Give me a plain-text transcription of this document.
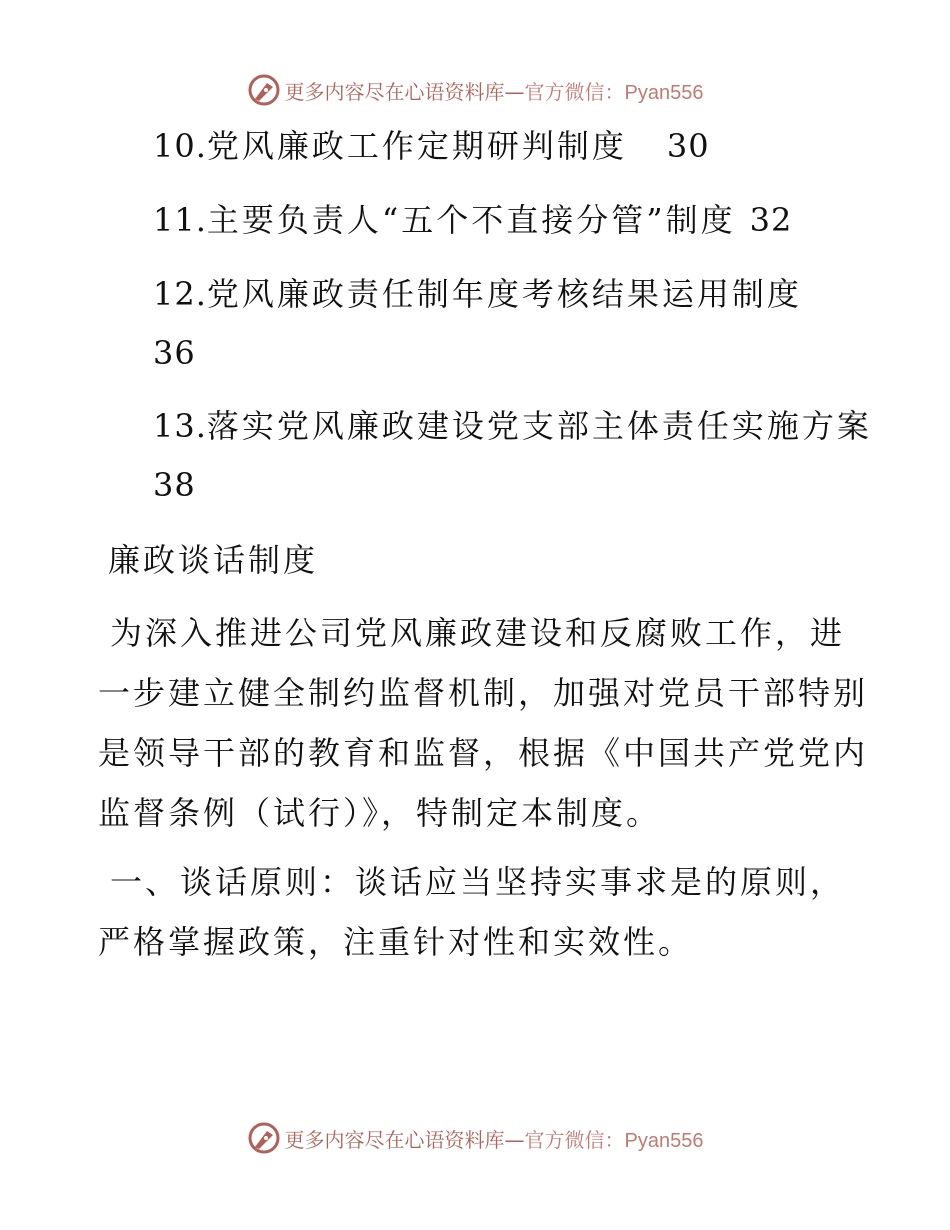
更多内容尽在心语资料库—官方微信：Pyan556
10.党风廉政工作定期研判制度 30
11.主要负责人“五个不直接分管”制度 32
12.党风廉政责任制年度考核结果运用制度
36
13.落实党风廉政建设党支部主体责任实施方案
38
廉政谈话制度
为深入推进公司党风廉政建设和反腐败工作，进
一步建立健全制约监督机制，加强对党员干部特别
是领导干部的教育和监督，根据《中国共产党党内
监督条例（试行）》，特制定本制度。
一、谈话原则：谈话应当坚持实事求是的原则，
严格掌握政策，注重针对性和实效性。
更多内容尽在心语资料库—官方微信：Pyan556
